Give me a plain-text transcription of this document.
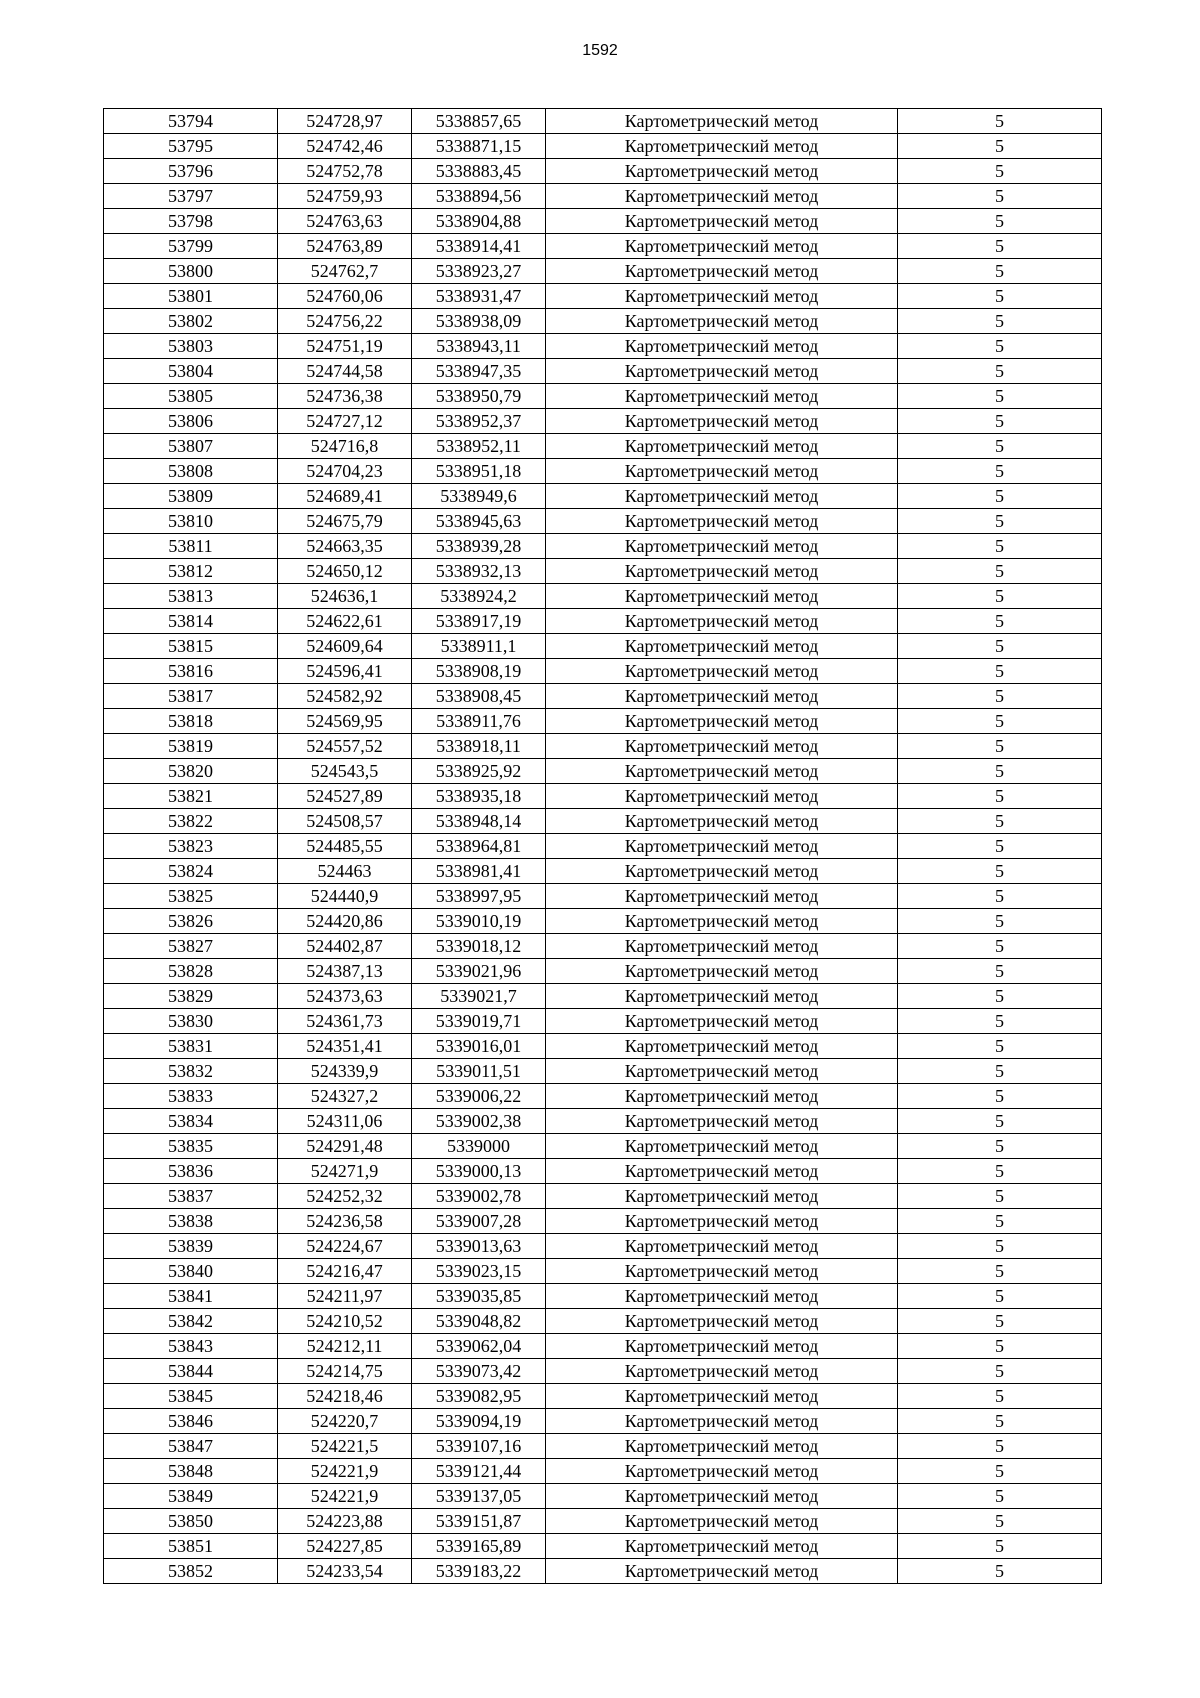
1592
53794	524728,97	5338857,65	Картометрический метод	5
53795	524742,46	5338871,15	Картометрический метод	5
53796	524752,78	5338883,45	Картометрический метод	5
53797	524759,93	5338894,56	Картометрический метод	5
53798	524763,63	5338904,88	Картометрический метод	5
53799	524763,89	5338914,41	Картометрический метод	5
53800	524762,7	5338923,27	Картометрический метод	5
53801	524760,06	5338931,47	Картометрический метод	5
53802	524756,22	5338938,09	Картометрический метод	5
53803	524751,19	5338943,11	Картометрический метод	5
53804	524744,58	5338947,35	Картометрический метод	5
53805	524736,38	5338950,79	Картометрический метод	5
53806	524727,12	5338952,37	Картометрический метод	5
53807	524716,8	5338952,11	Картометрический метод	5
53808	524704,23	5338951,18	Картометрический метод	5
53809	524689,41	5338949,6	Картометрический метод	5
53810	524675,79	5338945,63	Картометрический метод	5
53811	524663,35	5338939,28	Картометрический метод	5
53812	524650,12	5338932,13	Картометрический метод	5
53813	524636,1	5338924,2	Картометрический метод	5
53814	524622,61	5338917,19	Картометрический метод	5
53815	524609,64	5338911,1	Картометрический метод	5
53816	524596,41	5338908,19	Картометрический метод	5
53817	524582,92	5338908,45	Картометрический метод	5
53818	524569,95	5338911,76	Картометрический метод	5
53819	524557,52	5338918,11	Картометрический метод	5
53820	524543,5	5338925,92	Картометрический метод	5
53821	524527,89	5338935,18	Картометрический метод	5
53822	524508,57	5338948,14	Картометрический метод	5
53823	524485,55	5338964,81	Картометрический метод	5
53824	524463	5338981,41	Картометрический метод	5
53825	524440,9	5338997,95	Картометрический метод	5
53826	524420,86	5339010,19	Картометрический метод	5
53827	524402,87	5339018,12	Картометрический метод	5
53828	524387,13	5339021,96	Картометрический метод	5
53829	524373,63	5339021,7	Картометрический метод	5
53830	524361,73	5339019,71	Картометрический метод	5
53831	524351,41	5339016,01	Картометрический метод	5
53832	524339,9	5339011,51	Картометрический метод	5
53833	524327,2	5339006,22	Картометрический метод	5
53834	524311,06	5339002,38	Картометрический метод	5
53835	524291,48	5339000	Картометрический метод	5
53836	524271,9	5339000,13	Картометрический метод	5
53837	524252,32	5339002,78	Картометрический метод	5
53838	524236,58	5339007,28	Картометрический метод	5
53839	524224,67	5339013,63	Картометрический метод	5
53840	524216,47	5339023,15	Картометрический метод	5
53841	524211,97	5339035,85	Картометрический метод	5
53842	524210,52	5339048,82	Картометрический метод	5
53843	524212,11	5339062,04	Картометрический метод	5
53844	524214,75	5339073,42	Картометрический метод	5
53845	524218,46	5339082,95	Картометрический метод	5
53846	524220,7	5339094,19	Картометрический метод	5
53847	524221,5	5339107,16	Картометрический метод	5
53848	524221,9	5339121,44	Картометрический метод	5
53849	524221,9	5339137,05	Картометрический метод	5
53850	524223,88	5339151,87	Картометрический метод	5
53851	524227,85	5339165,89	Картометрический метод	5
53852	524233,54	5339183,22	Картометрический метод	5
